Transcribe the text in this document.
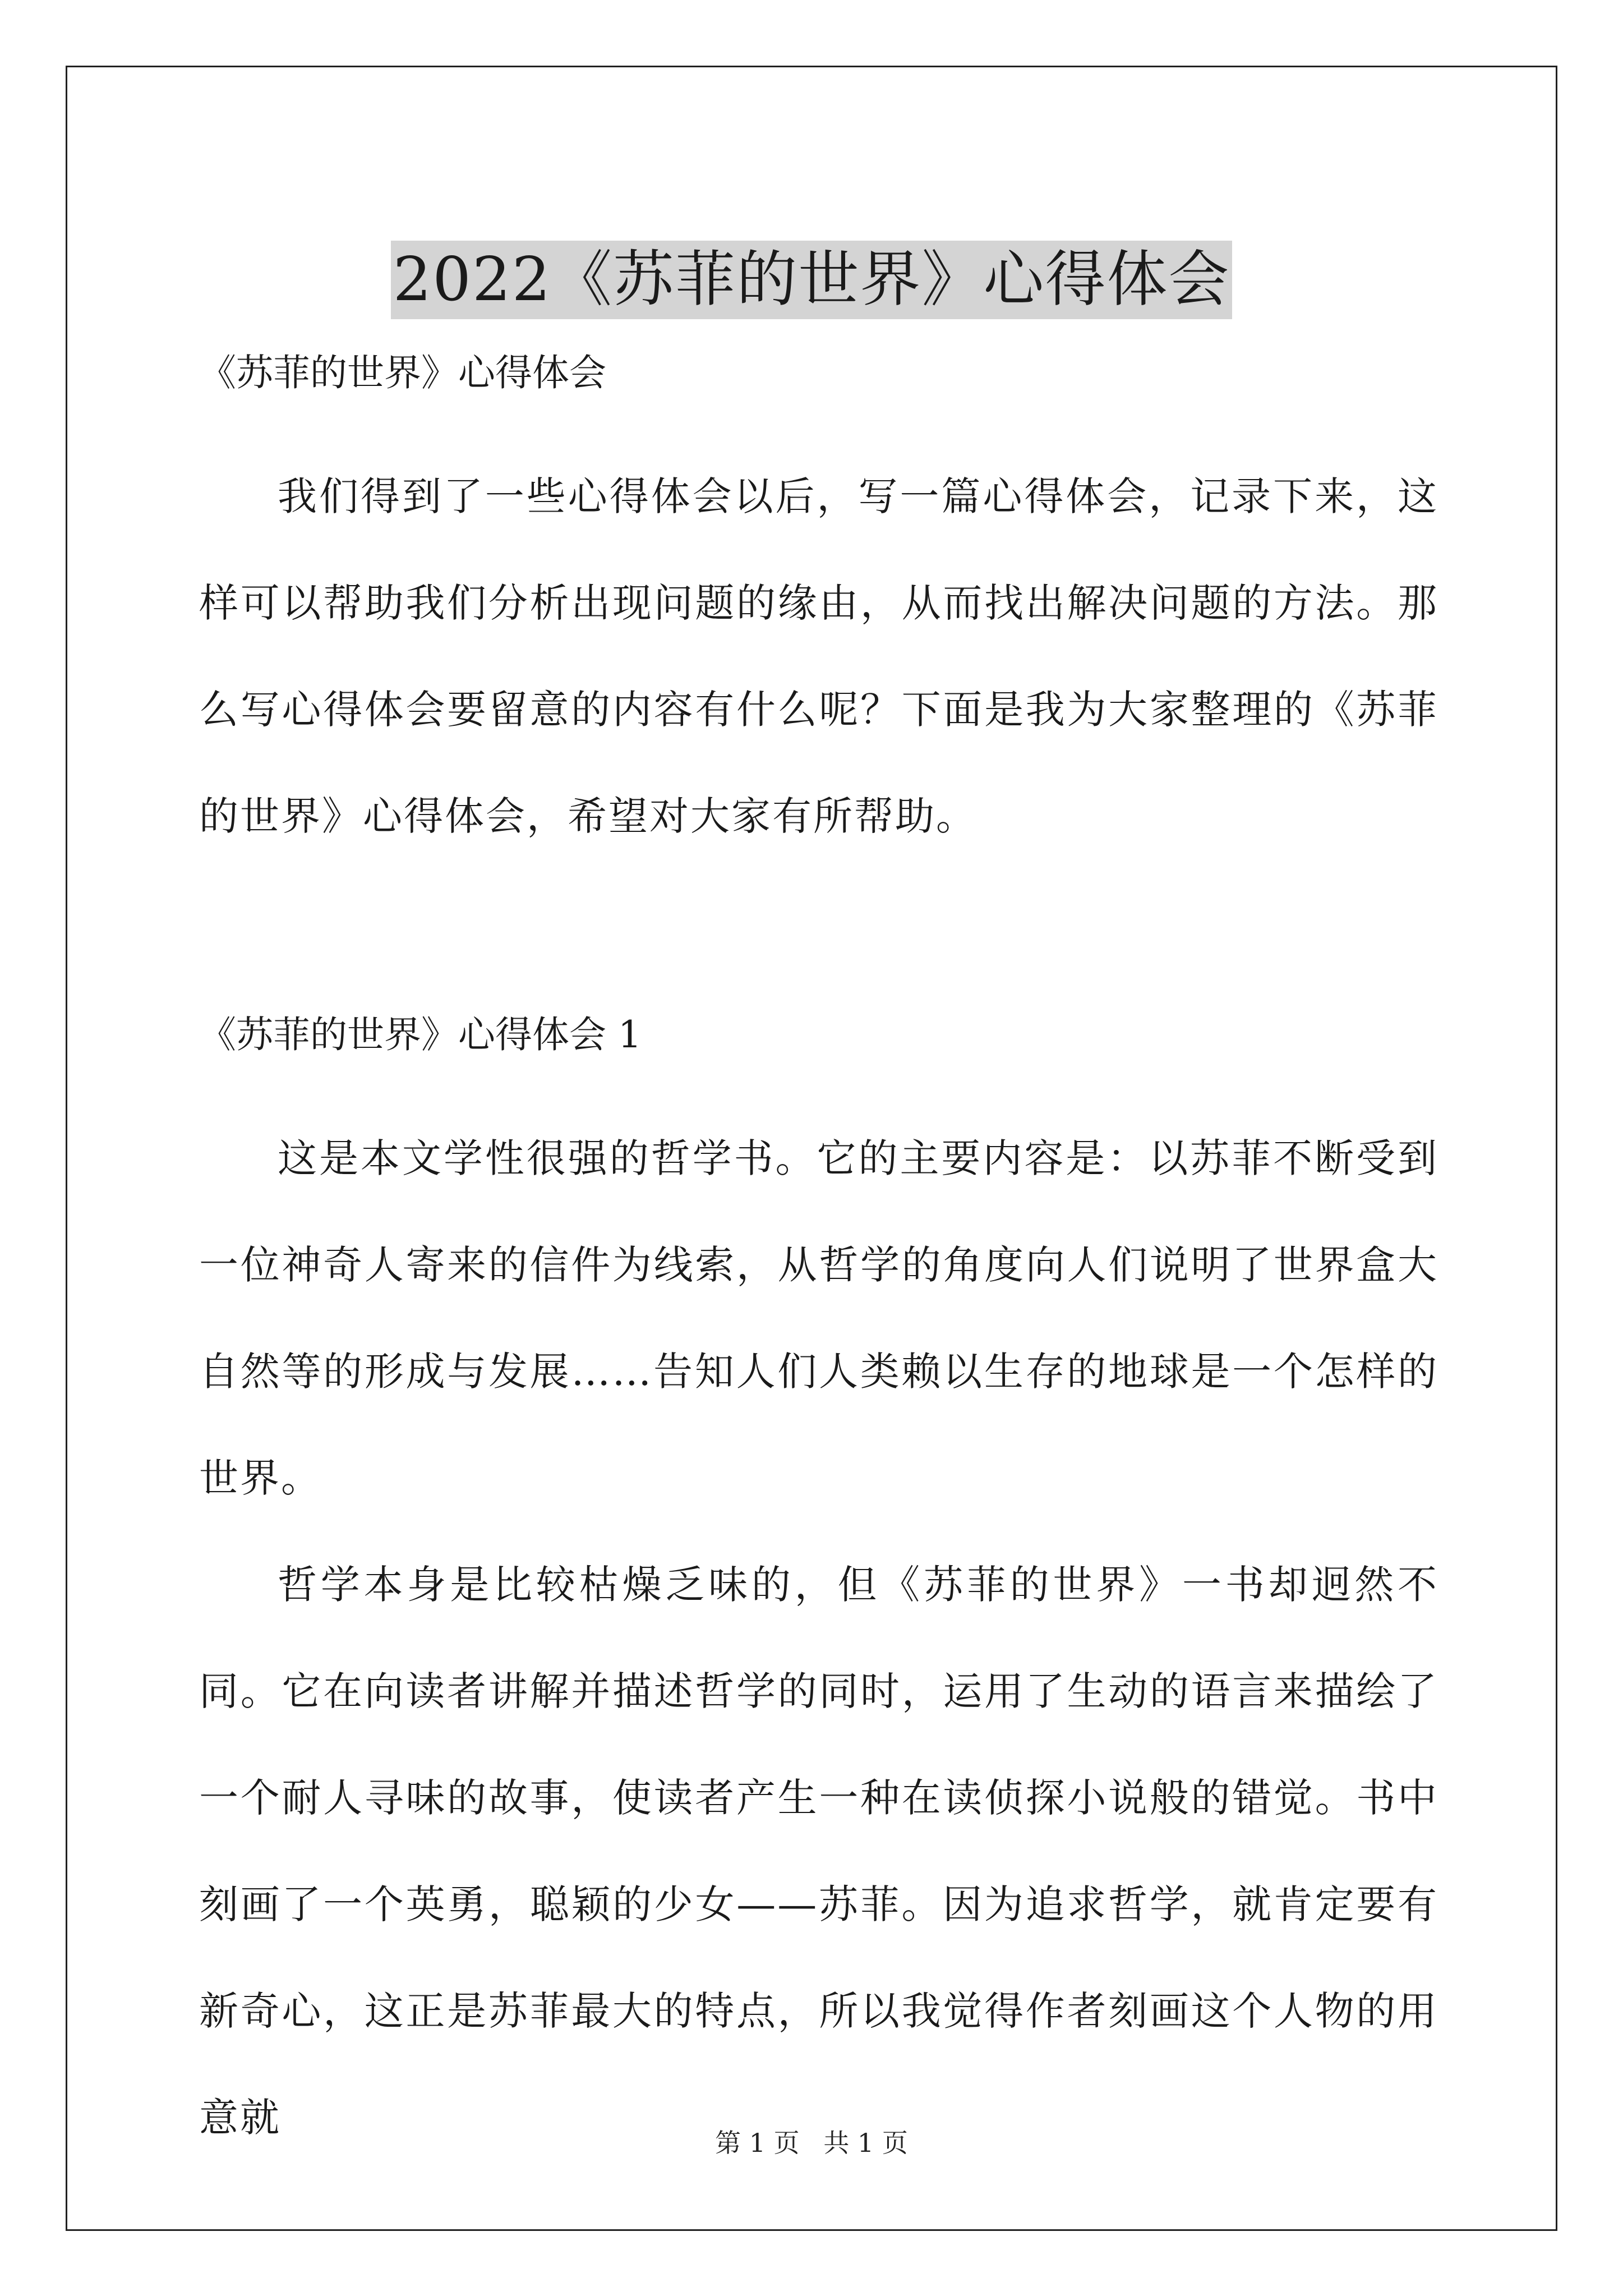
2022《苏菲的世界》心得体会

《苏菲的世界》心得体会

我们得到了一些心得体会以后，写一篇心得体会，记录下来，这样可以帮助我们分析出现问题的缘由，从而找出解决问题的方法。那么写心得体会要留意的内容有什么呢？下面是我为大家整理的《苏菲的世界》心得体会，希望对大家有所帮助。

《苏菲的世界》心得体会 1

这是本文学性很强的哲学书。它的主要内容是：以苏菲不断受到一位神奇人寄来的信件为线索，从哲学的角度向人们说明了世界盒大自然等的形成与发展……告知人们人类赖以生存的地球是一个怎样的世界。

哲学本身是比较枯燥乏味的，但《苏菲的世界》一书却迥然不同。它在向读者讲解并描述哲学的同时，运用了生动的语言来描绘了一个耐人寻味的故事，使读者产生一种在读侦探小说般的错觉。书中刻画了一个英勇，聪颖的少女——苏菲。因为追求哲学，就肯定要有新奇心，这正是苏菲最大的特点，所以我觉得作者刻画这个人物的用意就

第 1 页 共 1 页
